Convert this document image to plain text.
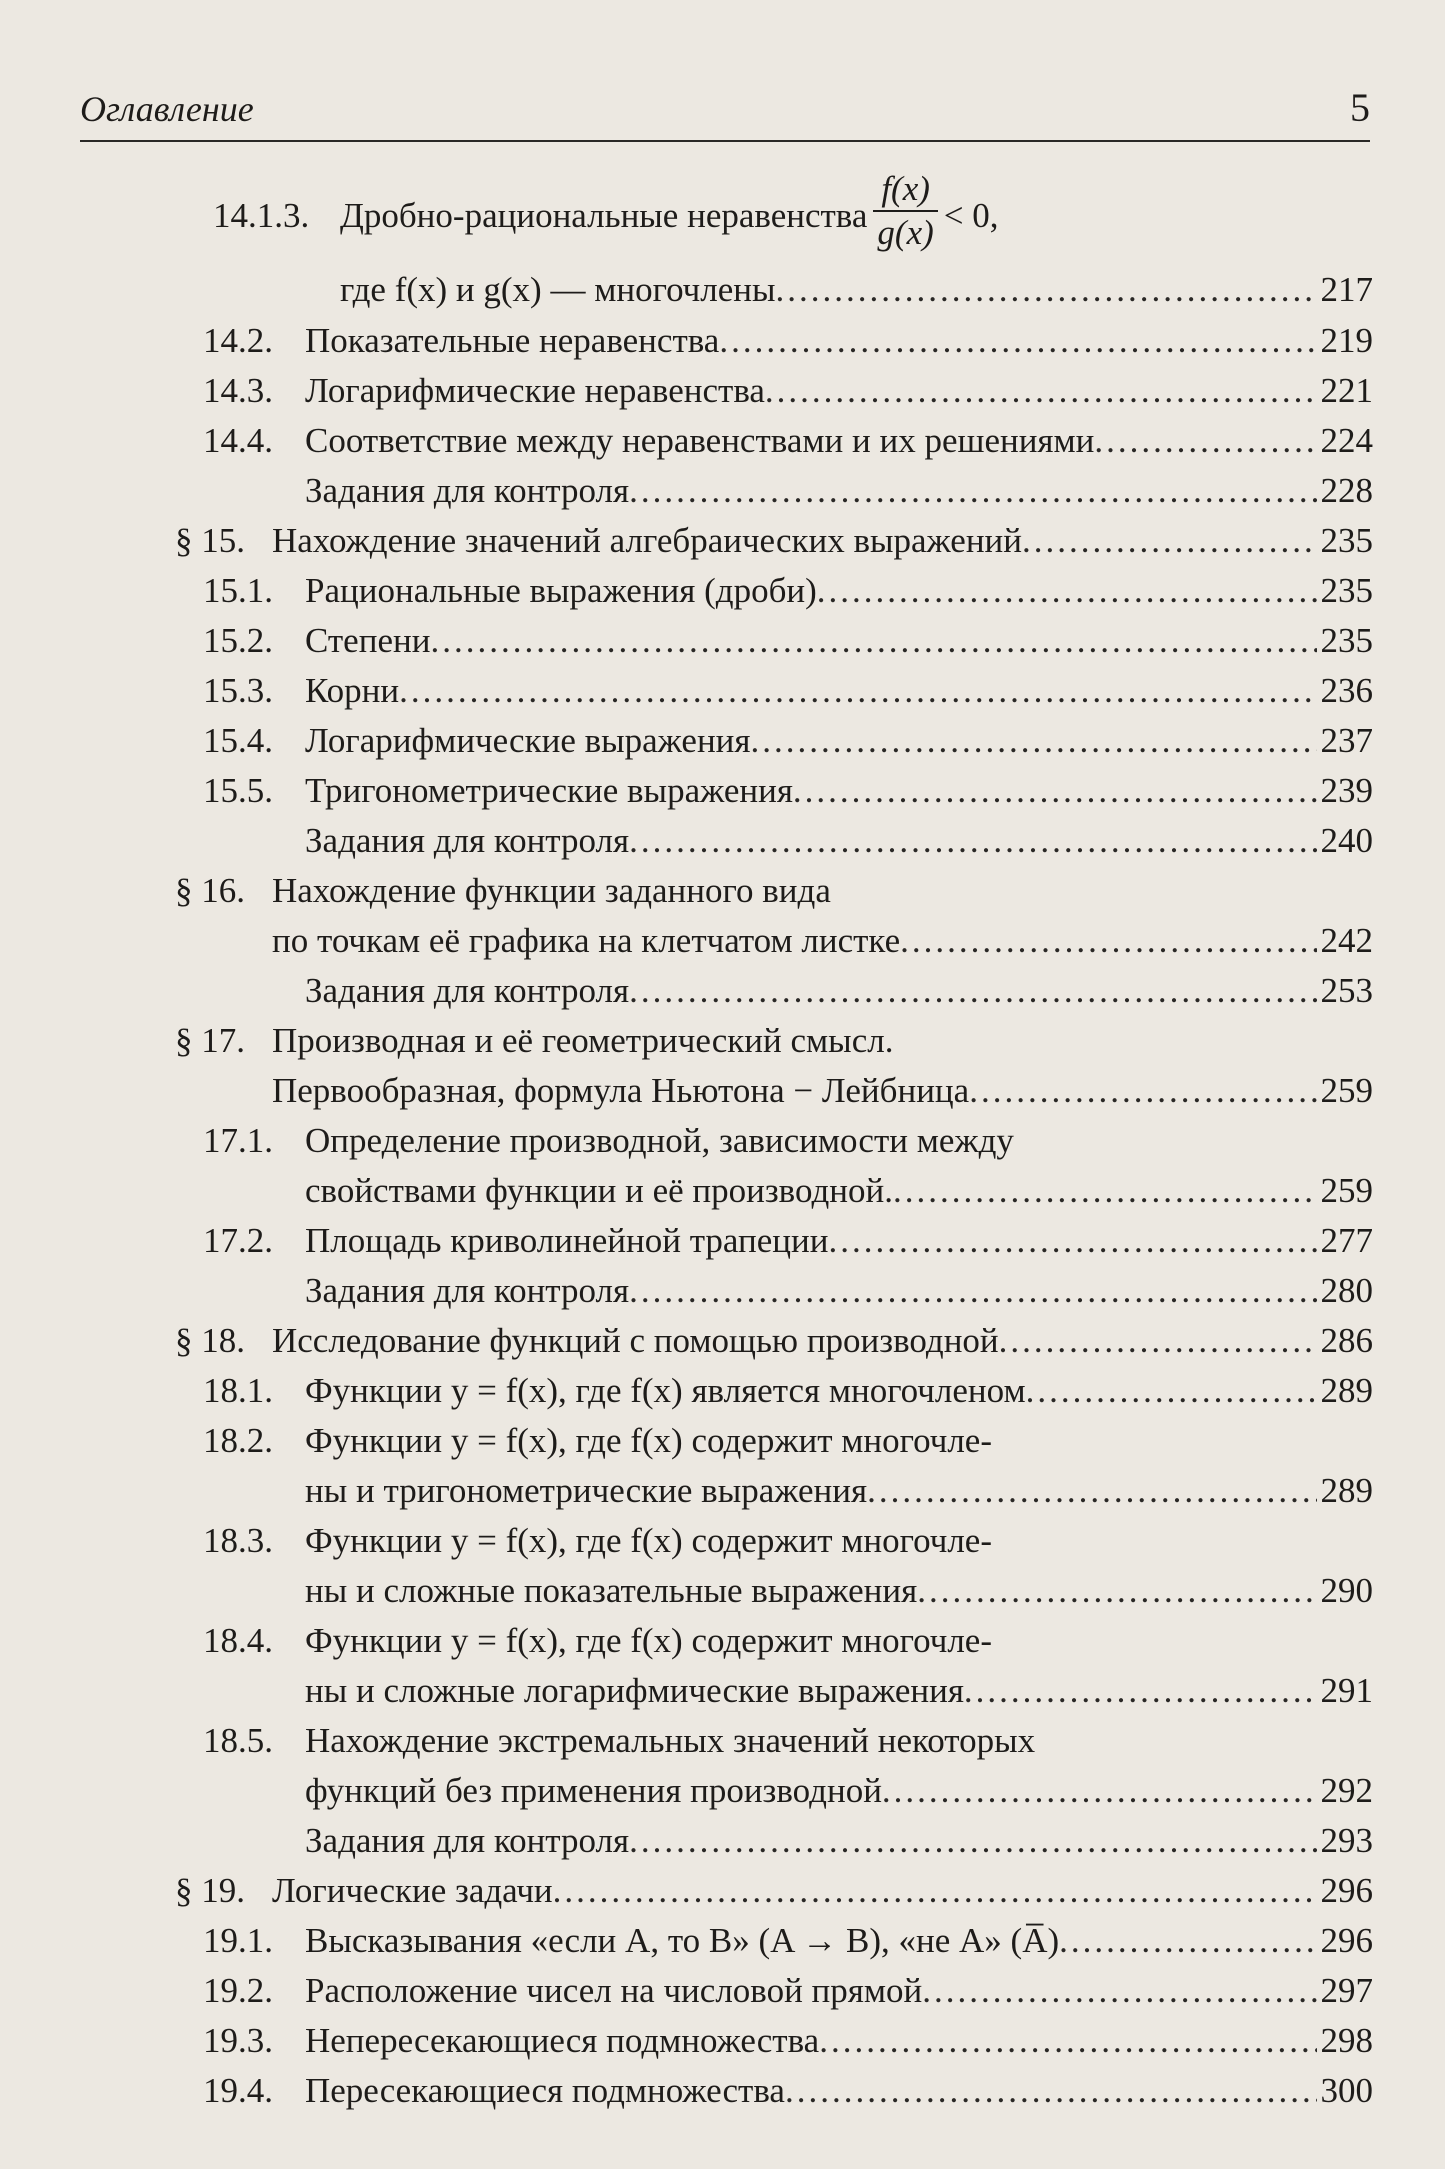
Оглавление	5
14.1.3. Дробно-рациональные неравенства $\frac{f(x)}{g(x)} < 0$,
где f(x) и g(x) — многочлены .....	217
14.2. Показательные неравенства .....	219
14.3. Логарифмические неравенства .....	221
14.4. Соответствие между неравенствами и их решениями .....	224
Задания для контроля .....	228
§ 15. Нахождение значений алгебраических выражений .....	235
15.1. Рациональные выражения (дроби) .....	235
15.2. Степени .....	235
15.3. Корни .....	236
15.4. Логарифмические выражения .....	237
15.5. Тригонометрические выражения .....	239
Задания для контроля .....	240
§ 16. Нахождение функции заданного вида
по точкам её графика на клетчатом листке .....	242
Задания для контроля .....	253
§ 17. Производная и её геометрический смысл.
Первообразная, формула Ньютона − Лейбница .....	259
17.1. Определение производной, зависимости между
свойствами функции и её производной. .....	259
17.2. Площадь криволинейной трапеции .....	277
Задания для контроля .....	280
§ 18. Исследование функций с помощью производной .....	286
18.1. Функции y = f(x), где f(x) является многочленом .....	289
18.2. Функции y = f(x), где f(x) содержит многочле-
ны и тригонометрические выражения .....	289
18.3. Функции y = f(x), где f(x) содержит многочле-
ны и сложные показательные выражения .....	290
18.4. Функции y = f(x), где f(x) содержит многочле-
ны и сложные логарифмические выражения .....	291
18.5. Нахождение экстремальных значений некоторых
функций без применения производной .....	292
Задания для контроля .....	293
§ 19. Логические задачи .....	296
19.1. Высказывания «если A, то B» (A → B), «не A» (A̅) .....	296
19.2. Расположение чисел на числовой прямой .....	297
19.3. Непересекающиеся подмножества .....	298
19.4. Пересекающиеся подмножества .....	300
